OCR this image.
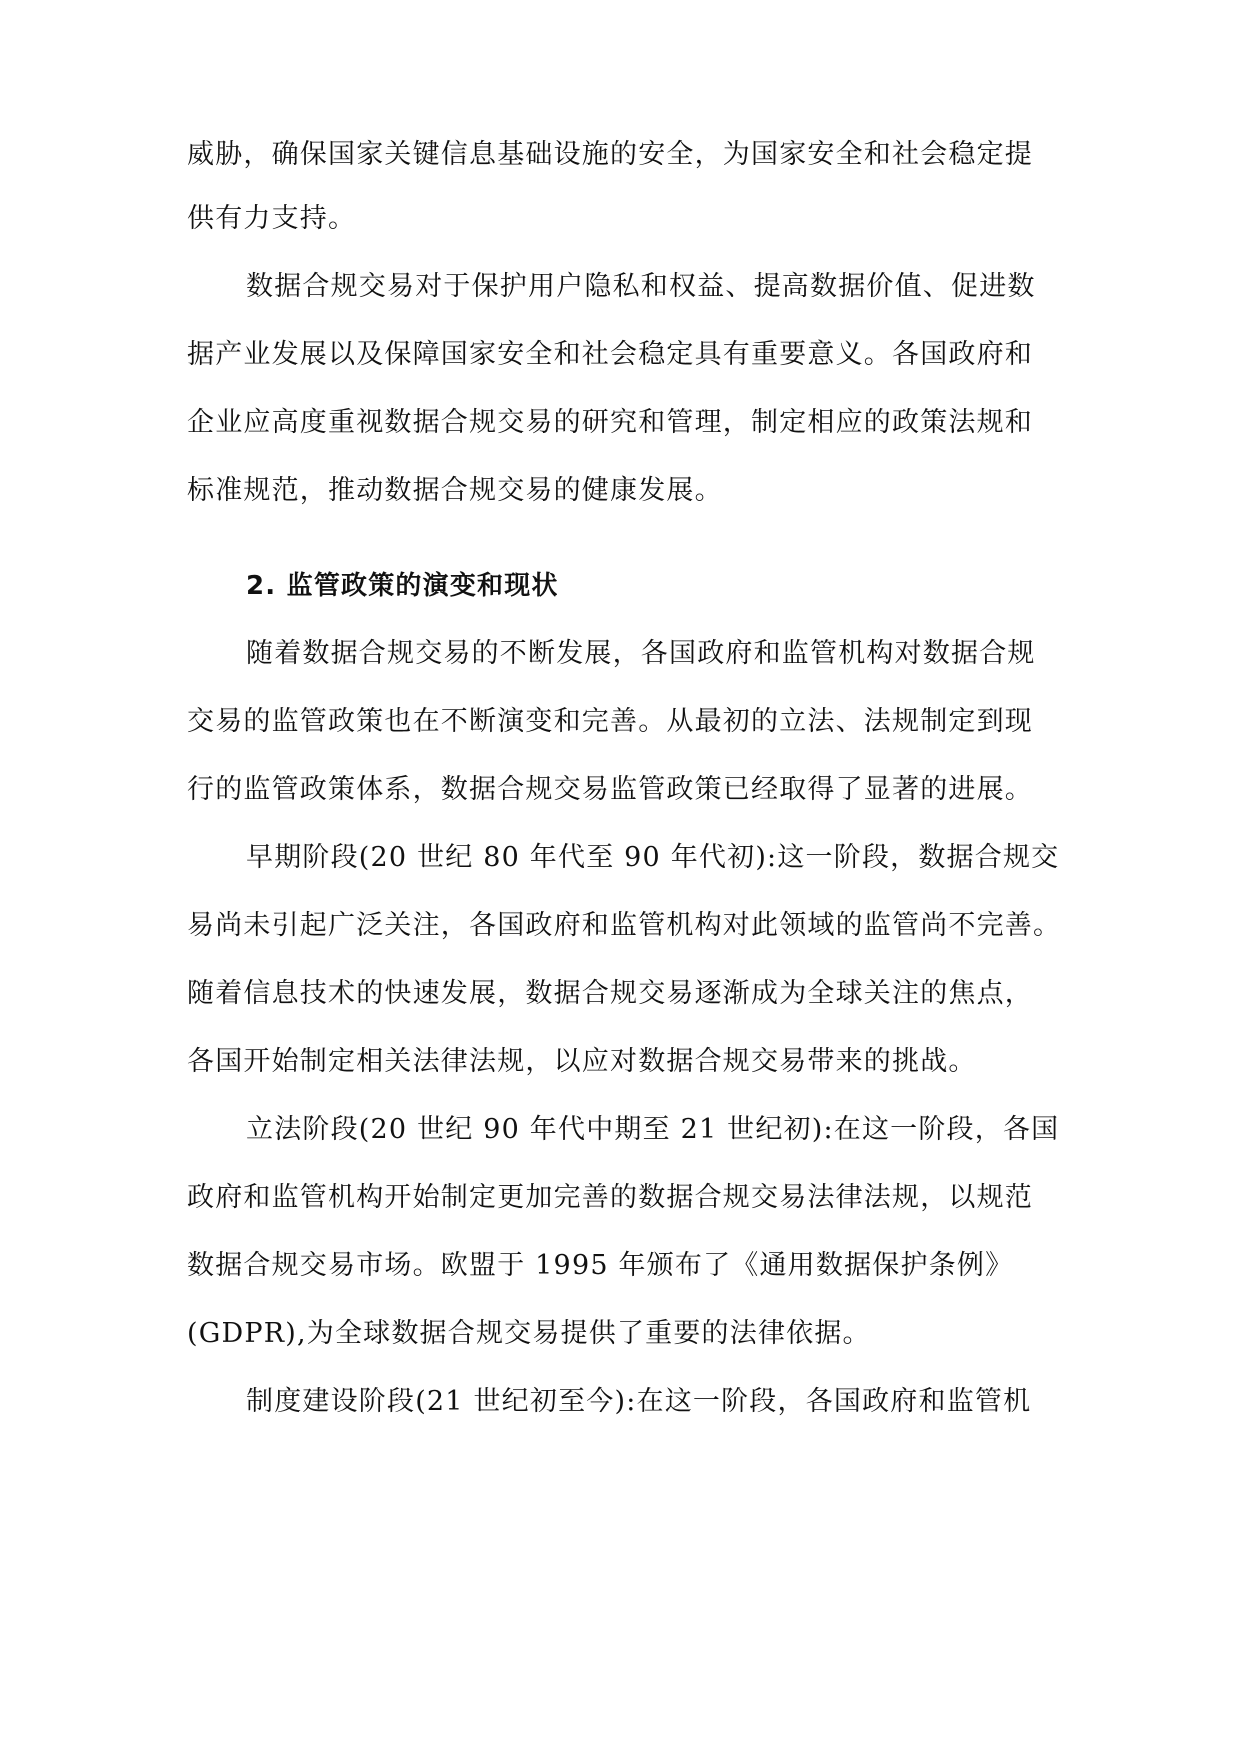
威胁，确保国家关键信息基础设施的安全，为国家安全和社会稳定提

供有力支持。

数据合规交易对于保护用户隐私和权益、提高数据价值、促进数

据产业发展以及保障国家安全和社会稳定具有重要意义。各国政府和

企业应高度重视数据合规交易的研究和管理，制定相应的政策法规和

标准规范，推动数据合规交易的健康发展。

2. 监管政策的演变和现状

随着数据合规交易的不断发展，各国政府和监管机构对数据合规

交易的监管政策也在不断演变和完善。从最初的立法、法规制定到现

行的监管政策体系，数据合规交易监管政策已经取得了显著的进展。

早期阶段(20 世纪 80 年代至 90 年代初):这一阶段，数据合规交

易尚未引起广泛关注，各国政府和监管机构对此领域的监管尚不完善。

随着信息技术的快速发展，数据合规交易逐渐成为全球关注的焦点，

各国开始制定相关法律法规，以应对数据合规交易带来的挑战。

立法阶段(20 世纪 90 年代中期至 21 世纪初):在这一阶段，各国

政府和监管机构开始制定更加完善的数据合规交易法律法规，以规范

数据合规交易市场。欧盟于 1995 年颁布了《通用数据保护条例》

(GDPR),为全球数据合规交易提供了重要的法律依据。

制度建设阶段(21 世纪初至今):在这一阶段，各国政府和监管机
